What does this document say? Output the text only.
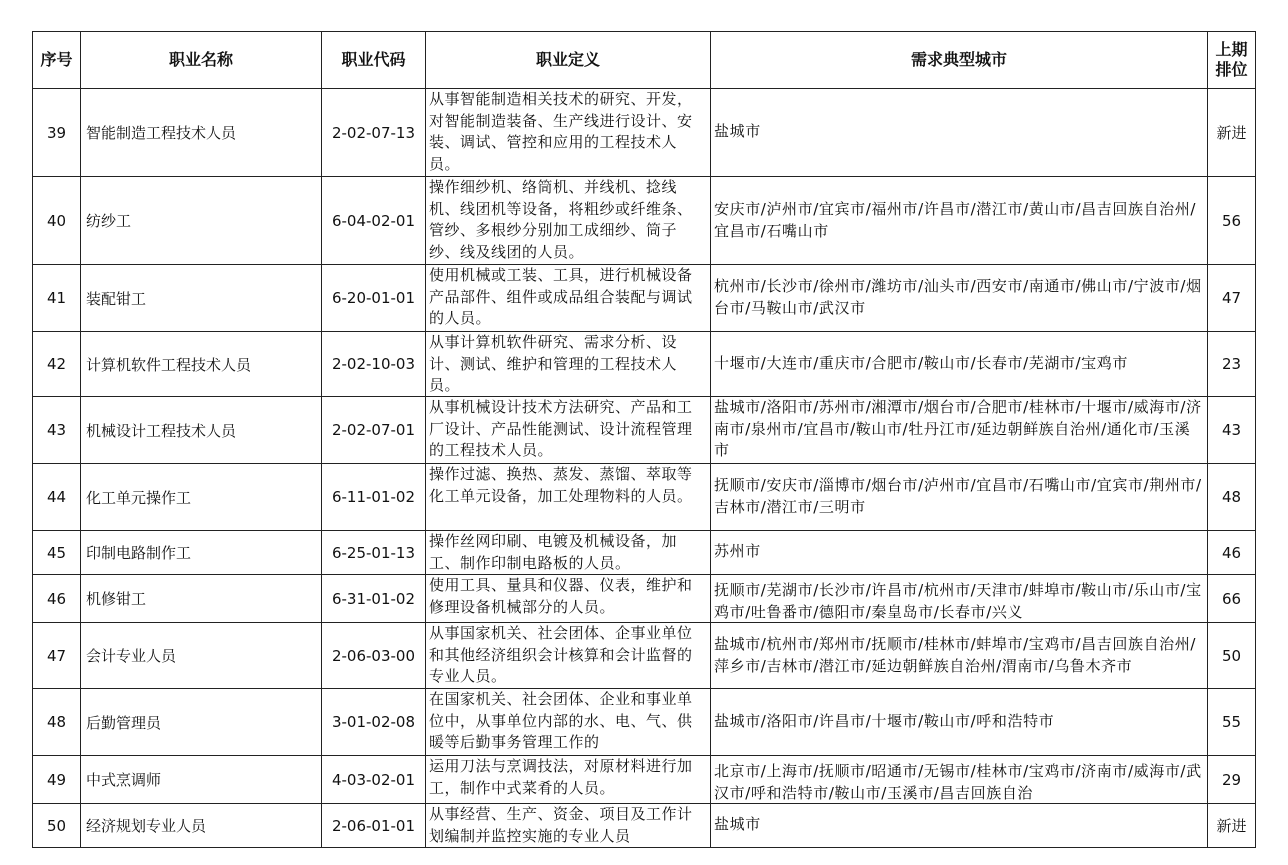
序号	职业名称	职业代码	职业定义	需求典型城市	上期排位

39	智能制造工程技术人员	2-02-07-13	从事智能制造相关技术的研究、开发，对智能制造装备、生产线进行设计、安装、调试、管控和应用的工程技术人员。	盐城市	新进
40	纺纱工	6-04-02-01	操作细纱机、络筒机、并线机、捻线机、线团机等设备，将粗纱或纤维条、管纱、多根纱分别加工成细纱、筒子纱、线及线团的人员。	安庆市/泸州市/宜宾市/福州市/许昌市/潜江市/黄山市/昌吉回族自治州/宜昌市/石嘴山市	56
41	装配钳工	6-20-01-01	使用机械或工装、工具，进行机械设备产品部件、组件或成品组合装配与调试的人员。	杭州市/长沙市/徐州市/潍坊市/汕头市/西安市/南通市/佛山市/宁波市/烟台市/马鞍山市/武汉市	47
42	计算机软件工程技术人员	2-02-10-03	从事计算机软件研究、需求分析、设计、测试、维护和管理的工程技术人员。	十堰市/大连市/重庆市/合肥市/鞍山市/长春市/芜湖市/宝鸡市	23
43	机械设计工程技术人员	2-02-07-01	从事机械设计技术方法研究、产品和工厂设计、产品性能测试、设计流程管理的工程技术人员。	盐城市/洛阳市/苏州市/湘潭市/烟台市/合肥市/桂林市/十堰市/威海市/济南市/泉州市/宜昌市/鞍山市/牡丹江市/延边朝鲜族自治州/通化市/玉溪市	43
44	化工单元操作工	6-11-01-02	操作过滤、换热、蒸发、蒸馏、萃取等化工单元设备，加工处理物料的人员。	抚顺市/安庆市/淄博市/烟台市/泸州市/宜昌市/石嘴山市/宜宾市/荆州市/吉林市/潜江市/三明市	48
45	印制电路制作工	6-25-01-13	操作丝网印刷、电镀及机械设备，加工、制作印制电路板的人员。	苏州市	46
46	机修钳工	6-31-01-02	使用工具、量具和仪器、仪表，维护和修理设备机械部分的人员。	抚顺市/芜湖市/长沙市/许昌市/杭州市/天津市/蚌埠市/鞍山市/乐山市/宝鸡市/吐鲁番市/德阳市/秦皇岛市/长春市/兴义	66
47	会计专业人员	2-06-03-00	从事国家机关、社会团体、企事业单位和其他经济组织会计核算和会计监督的专业人员。	盐城市/杭州市/郑州市/抚顺市/桂林市/蚌埠市/宝鸡市/昌吉回族自治州/萍乡市/吉林市/潜江市/延边朝鲜族自治州/渭南市/乌鲁木齐市	50
48	后勤管理员	3-01-02-08	在国家机关、社会团体、企业和事业单位中，从事单位内部的水、电、气、供暖等后勤事务管理工作的	盐城市/洛阳市/许昌市/十堰市/鞍山市/呼和浩特市	55
49	中式烹调师	4-03-02-01	运用刀法与烹调技法，对原材料进行加工，制作中式菜肴的人员。	北京市/上海市/抚顺市/昭通市/无锡市/桂林市/宝鸡市/济南市/威海市/武汉市/呼和浩特市/鞍山市/玉溪市/昌吉回族自治	29
50	经济规划专业人员	2-06-01-01	从事经营、生产、资金、项目及工作计划编制并监控实施的专业人员	盐城市	新进
